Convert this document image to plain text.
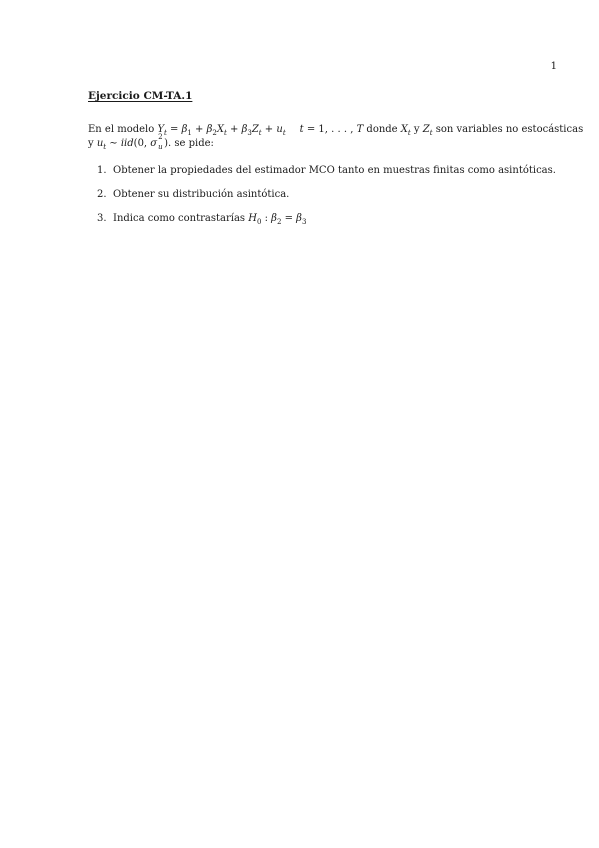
1
Ejercicio CM-TA.1
En el modelo $Y_t = \beta_1 + \beta_2X_t + \beta_3Z_t + u_t$ t = 1, . . . , T donde $X_t$ y $Z_t$ son variables no estocásticas
y $u_t$ ∼ iid(0, σ
2
u ). se pide:
1. Obtener la propiedades del estimador MCO tanto en muestras finitas como asintóticas.
2. Obtener su distribución asintótica.
3. Indica como contrastarías $H_0$ : $\beta_2 = \beta_3$
